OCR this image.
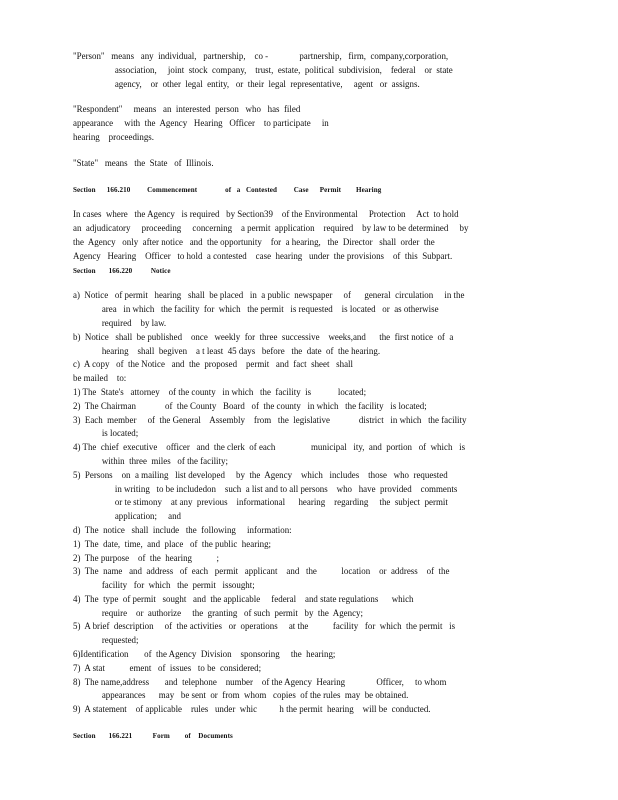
"Person"   means   any  individual,   partnership,    co -              partnership,   firm,  company,corporation,
association,     joint  stock  company,    trust,  estate,  political  subdivision,    federal    or  state
agency,    or  other  legal  entity,   or  their  legal  representative,     agent   or  assigns.
"Respondent"     means   an  interested  person   who   has  filed
appearance     with  the  Agency   Hearing   Officer    to participate     in
hearing    proceedings.
"State"   means   the  State   of  Illinois.
Section      166.210         Commencement               of   a   Contested         Case      Permit        Hearing
In cases  where   the Agency   is required   by Section39    of the Environmental     Protection     Act  to hold
an  adjudicatory     proceeding     concerning    a permit  application    required    by law to be determined     by
the  Agency   only  after notice   and  the opportunity    for  a hearing,   the  Director   shall  order  the
Agency   Hearing    Officer   to hold  a contested    case  hearing   under  the provisions    of  this  Subpart.
Section       166.220          Notice
a)  Notice   of permit   hearing   shall  be placed   in  a public  newspaper     of      general  circulation     in the
area   in which   the facility  for  which   the permit   is requested    is located   or  as otherwise
required    by law.
b)  Notice   shall  be published    once   weekly  for  three  successive    weeks,and      the  first notice  of  a
hearing    shall  begiven    a t least  45 days   before   the  date  of  the hearing.
c)  A copy   of  the Notice   and  the  proposed    permit   and  fact  sheet   shall
be mailed    to:
1) The  State's   attorney    of the county   in which   the  facility  is            located;
2)  The Chairman             of  the County   Board   of  the county   in which   the facility   is located;
3)  Each  member     of  the General    Assembly    from   the  legislative             district   in which   the facility
is located;
4) The  chief  executive    officer   and  the clerk  of each                municipal   ity,  and  portion   of  which   is
within  three  miles   of the facility;
5)  Persons    on  a mailing   list developed     by  the  Agency    which   includes    those   who  requested
in writing   to be includedon    such  a list and to all persons    who   have  provided    comments
or te stimony    at any  previous    informational      hearing    regarding     the  subject  permit
application;     and
d)  The  notice   shall  include   the  following     information:
1)  The  date,  time,  and  place   of  the public  hearing;
2)  The purpose    of  the  hearing           ;
3)  The  name   and  address   of  each   permit   applicant    and   the           location    or  address    of  the
facility   for  which   the  permit   issought;
4)  The  type  of permit   sought   and  the applicable     federal    and state regulations      which
require    or  authorize     the  granting   of such  permit   by  the  Agency;
5)  A brief  description     of  the activities   or  operations     at the           facility   for  which  the permit   is
requested;
6)Identification       of  the Agency  Division    sponsoring     the  hearing;
7)  A stat           ement   of  issues   to be  considered;
8)  The name,address       and  telephone    number    of the Agency  Hearing              Officer,     to whom
appearances      may   be sent  or  from  whom   copies  of the rules  may  be obtained.
9)  A statement    of applicable    rules   under  whic          h the permit  hearing    will be  conducted.
Section       166.221           Form        of    Documents
